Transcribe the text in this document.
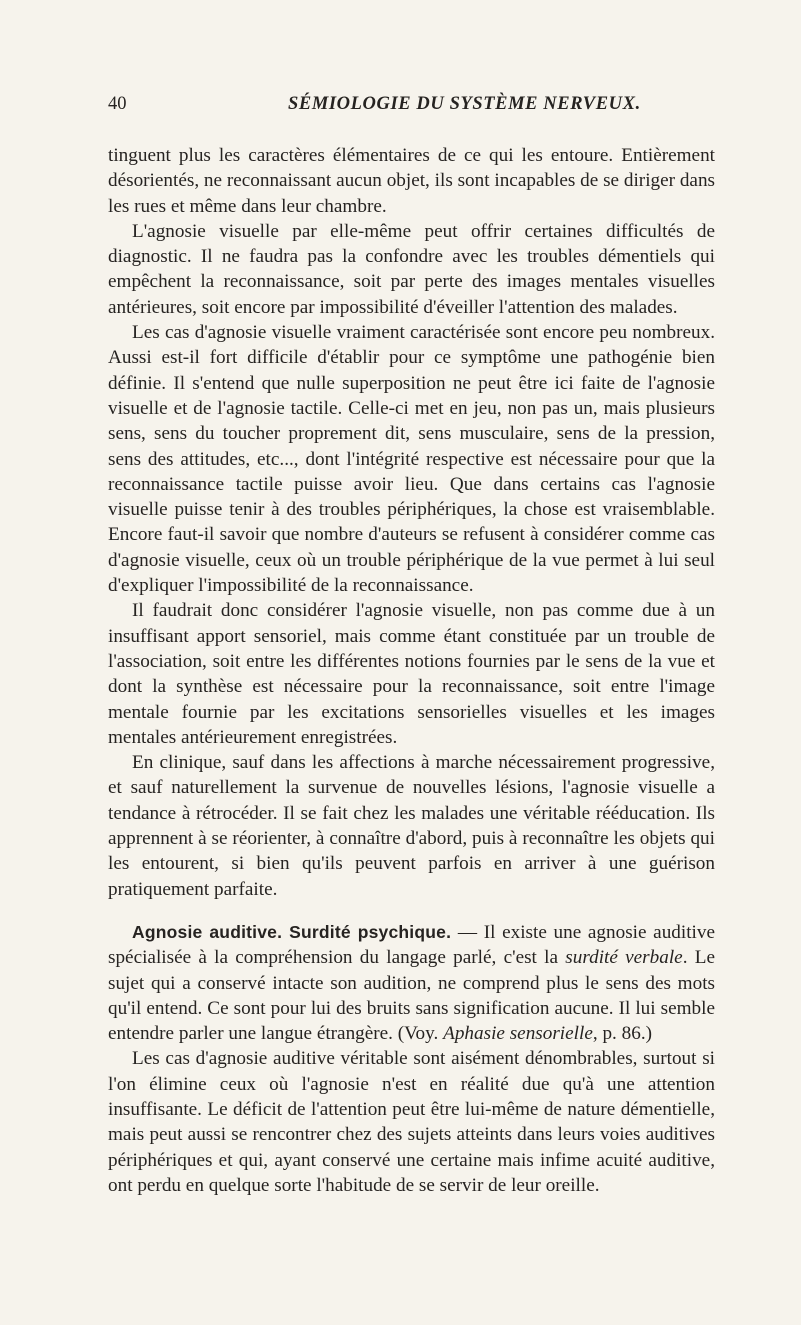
40	SÉMIOLOGIE DU SYSTÈME NERVEUX.

tinguent plus les caractères élémentaires de ce qui les entoure. Entièrement désorientés, ne reconnaissant aucun objet, ils sont incapables de se diriger dans les rues et même dans leur chambre.

L'agnosie visuelle par elle-même peut offrir certaines difficultés de diagnostic. Il ne faudra pas la confondre avec les troubles démentiels qui empêchent la reconnaissance, soit par perte des images mentales visuelles antérieures, soit encore par impossibilité d'éveiller l'attention des malades.

Les cas d'agnosie visuelle vraiment caractérisée sont encore peu nombreux. Aussi est-il fort difficile d'établir pour ce symptôme une pathogénie bien définie. Il s'entend que nulle superposition ne peut être ici faite de l'agnosie visuelle et de l'agnosie tactile. Celle-ci met en jeu, non pas un, mais plusieurs sens, sens du toucher proprement dit, sens musculaire, sens de la pression, sens des attitudes, etc..., dont l'intégrité respective est nécessaire pour que la reconnaissance tactile puisse avoir lieu. Que dans certains cas l'agnosie visuelle puisse tenir à des troubles périphériques, la chose est vraisemblable. Encore faut-il savoir que nombre d'auteurs se refusent à considérer comme cas d'agnosie visuelle, ceux où un trouble périphérique de la vue permet à lui seul d'expliquer l'impossibilité de la reconnaissance.

Il faudrait donc considérer l'agnosie visuelle, non pas comme due à un insuffisant apport sensoriel, mais comme étant constituée par un trouble de l'association, soit entre les différentes notions fournies par le sens de la vue et dont la synthèse est nécessaire pour la reconnaissance, soit entre l'image mentale fournie par les excitations sensorielles visuelles et les images mentales antérieurement enregistrées.

En clinique, sauf dans les affections à marche nécessairement progressive, et sauf naturellement la survenue de nouvelles lésions, l'agnosie visuelle a tendance à rétrocéder. Il se fait chez les malades une véritable rééducation. Ils apprennent à se réorienter, à connaître d'abord, puis à reconnaître les objets qui les entourent, si bien qu'ils peuvent parfois en arriver à une guérison pratiquement parfaite.

Agnosie auditive. Surdité psychique. — Il existe une agnosie auditive spécialisée à la compréhension du langage parlé, c'est la surdité verbale. Le sujet qui a conservé intacte son audition, ne comprend plus le sens des mots qu'il entend. Ce sont pour lui des bruits sans signification aucune. Il lui semble entendre parler une langue étrangère. (Voy. Aphasie sensorielle, p. 86.)

Les cas d'agnosie auditive véritable sont aisément dénombrables, surtout si l'on élimine ceux où l'agnosie n'est en réalité due qu'à une attention insuffisante. Le déficit de l'attention peut être lui-même de nature démentielle, mais peut aussi se rencontrer chez des sujets atteints dans leurs voies auditives périphériques et qui, ayant conservé une certaine mais infime acuité auditive, ont perdu en quelque sorte l'habitude de se servir de leur oreille.
